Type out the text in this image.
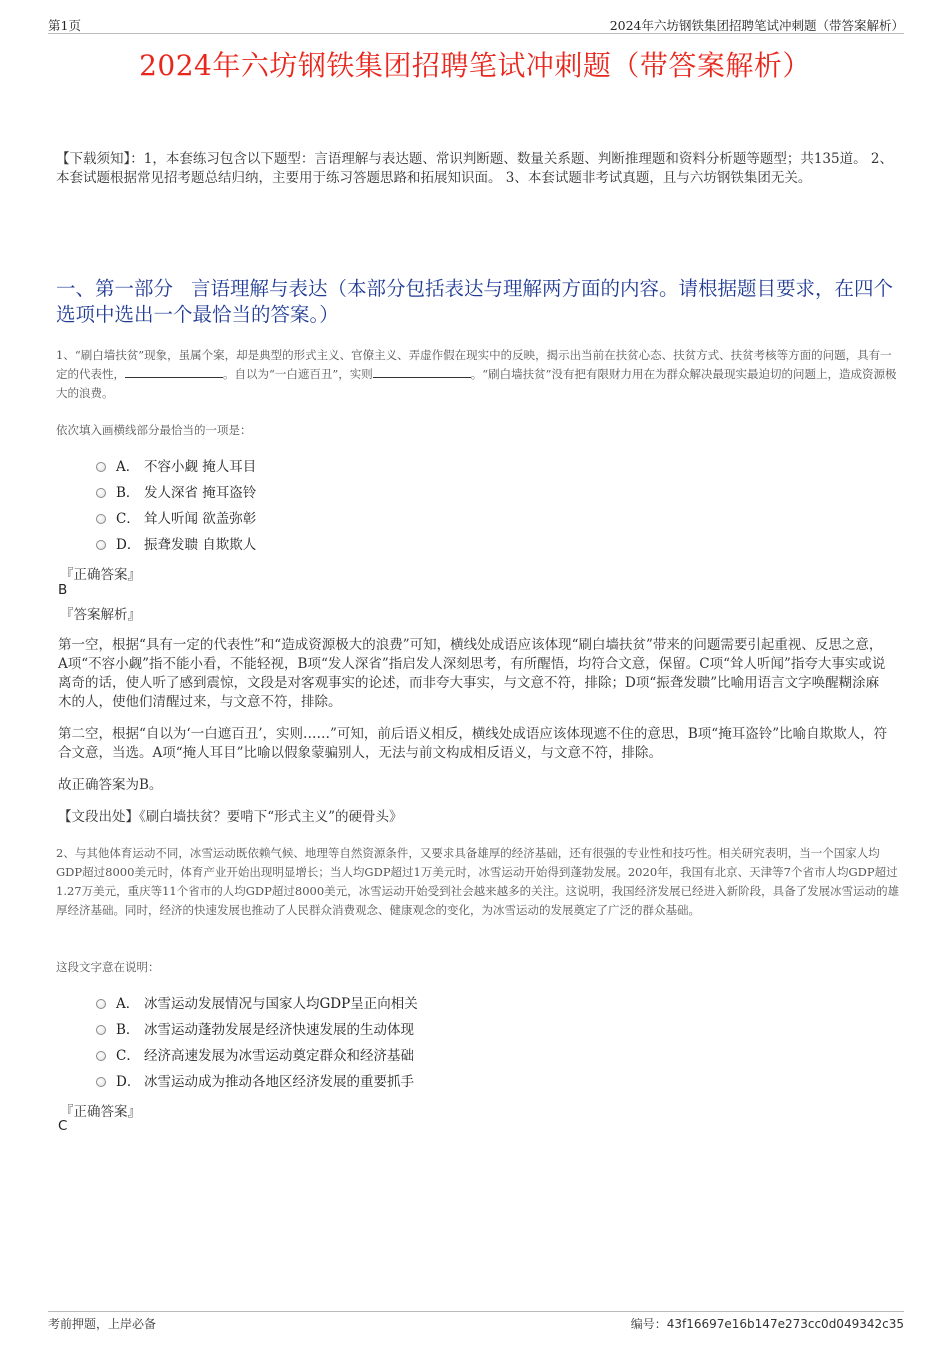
第1页	2024年六坊钢铁集团招聘笔试冲刺题（带答案解析）
2024年六坊钢铁集团招聘笔试冲刺题（带答案解析）

【下载须知】：1，本套练习包含以下题型：言语理解与表达题、常识判断题、数量关系题、判断推理题和资料分析题等题型；共135道。 2、本套试题根据常见招考题总结归纳，主要用于练习答题思路和拓展知识面。 3、本套试题非考试真题，且与六坊钢铁集团无关。

一、第一部分 言语理解与表达（本部分包括表达与理解两方面的内容。请根据题目要求，在四个选项中选出一个最恰当的答案。）
1、“刷白墙扶贫”现象，虽属个案，却是典型的形式主义、官僚主义、弄虚作假在现实中的反映，揭示出当前在扶贫心态、扶贫方式、扶贫考核等方面的问题，具有一定的代表性，	。自以为“一白遮百丑”，实则	。“刷白墙扶贫”没有把有限财力用在为群众解决最现实最迫切的问题上，造成资源极大的浪费。
依次填入画横线部分最恰当的一项是：
A． 不容小觑 掩人耳目
B． 发人深省 掩耳盗铃
C． 耸人听闻 欲盖弥彰
D． 振聋发聩 自欺欺人
『正确答案』
B
『答案解析』

第一空，根据“具有一定的代表性”和“造成资源极大的浪费”可知，横线处成语应该体现“刷白墙扶贫”带来的问题需要引起重视、反思之意，A项“不容小觑”指不能小看，不能轻视，B项“发人深省”指启发人深刻思考，有所醒悟，均符合文意，保留。C项“耸人听闻”指夸大事实或说离奇的话，使人听了感到震惊，文段是对客观事实的论述，而非夸大事实，与文意不符，排除；D项“振聋发聩”比喻用语言文字唤醒糊涂麻木的人，使他们清醒过来，与文意不符，排除。

第二空，根据“自以为‘一白遮百丑’，实则……”可知，前后语义相反，横线处成语应该体现遮不住的意思，B项“掩耳盗铃”比喻自欺欺人，符合文意，当选。A项“掩人耳目”比喻以假象蒙骗别人，无法与前文构成相反语义，与文意不符，排除。

故正确答案为B。

【文段出处】《刷白墙扶贫？要啃下“形式主义”的硬骨头》

2、与其他体育运动不同，冰雪运动既依赖气候、地理等自然资源条件，又要求具备雄厚的经济基础，还有很强的专业性和技巧性。相关研究表明，当一个国家人均GDP超过8000美元时，体育产业开始出现明显增长；当人均GDP超过1万美元时，冰雪运动开始得到蓬勃发展。2020年，我国有北京、天津等7个省市人均GDP超过1.27万美元，重庆等11个省市的人均GDP超过8000美元，冰雪运动开始受到社会越来越多的关注。这说明，我国经济发展已经进入新阶段，具备了发展冰雪运动的雄厚经济基础。同时，经济的快速发展也推动了人民群众消费观念、健康观念的变化，为冰雪运动的发展奠定了广泛的群众基础。
这段文字意在说明：
A． 冰雪运动发展情况与国家人均GDP呈正向相关
B． 冰雪运动蓬勃发展是经济快速发展的生动体现
C． 经济高速发展为冰雪运动奠定群众和经济基础
D． 冰雪运动成为推动各地区经济发展的重要抓手
『正确答案』
C
考前押题，上岸必备	编号：43f16697e16b147e273cc0d049342c35
